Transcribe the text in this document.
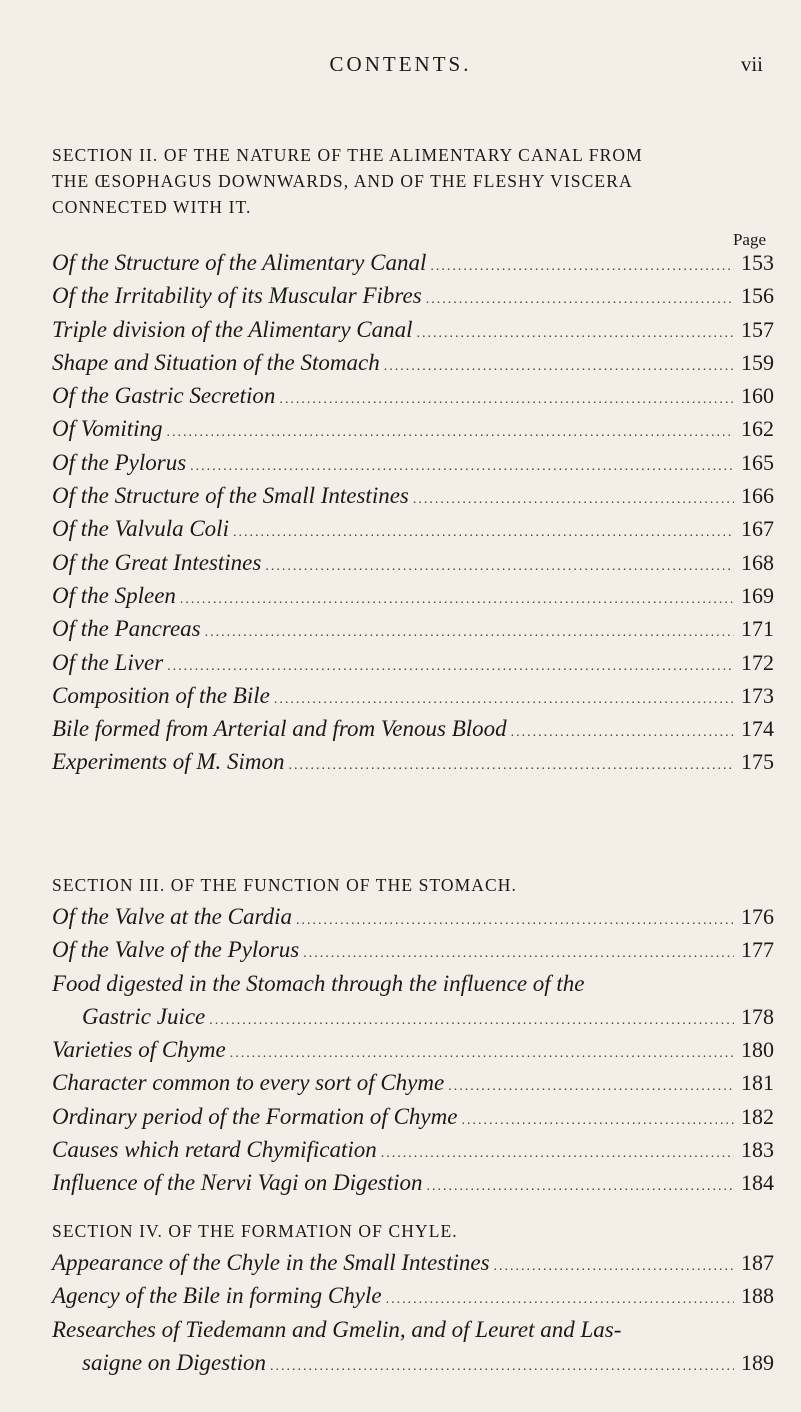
CONTENTS.	vii

SECTION II. OF THE NATURE OF THE ALIMENTARY CANAL FROM
THE ŒSOPHAGUS DOWNWARDS, AND OF THE FLESHY VISCERA
CONNECTED WITH IT.

Page
Of the Structure of the Alimentary Canal .....	153
Of the Irritability of its Muscular Fibres .....	156
Triple division of the Alimentary Canal .....	157
Shape and Situation of the Stomach .....	159
Of the Gastric Secretion .....	160
Of Vomiting .....	162
Of the Pylorus .....	165
Of the Structure of the Small Intestines .....	166
Of the Valvula Coli .....	167
Of the Great Intestines .....	168
Of the Spleen .....	169
Of the Pancreas .....	171
Of the Liver .....	172
Composition of the Bile .....	173
Bile formed from Arterial and from Venous Blood .....	174
Experiments of M. Simon .....	175

SECTION III. OF THE FUNCTION OF THE STOMACH.

Of the Valve at the Cardia .....	176
Of the Valve of the Pylorus .....	177
Food digested in the Stomach through the influence of the
Gastric Juice .....	178
Varieties of Chyme .....	180
Character common to every sort of Chyme .....	181
Ordinary period of the Formation of Chyme .....	182
Causes which retard Chymification .....	183
Influence of the Nervi Vagi on Digestion .....	184

SECTION IV. OF THE FORMATION OF CHYLE.

Appearance of the Chyle in the Small Intestines .....	187
Agency of the Bile in forming Chyle .....	188
Researches of Tiedemann and Gmelin, and of Leuret and Las-
saigne on Digestion .....	189
